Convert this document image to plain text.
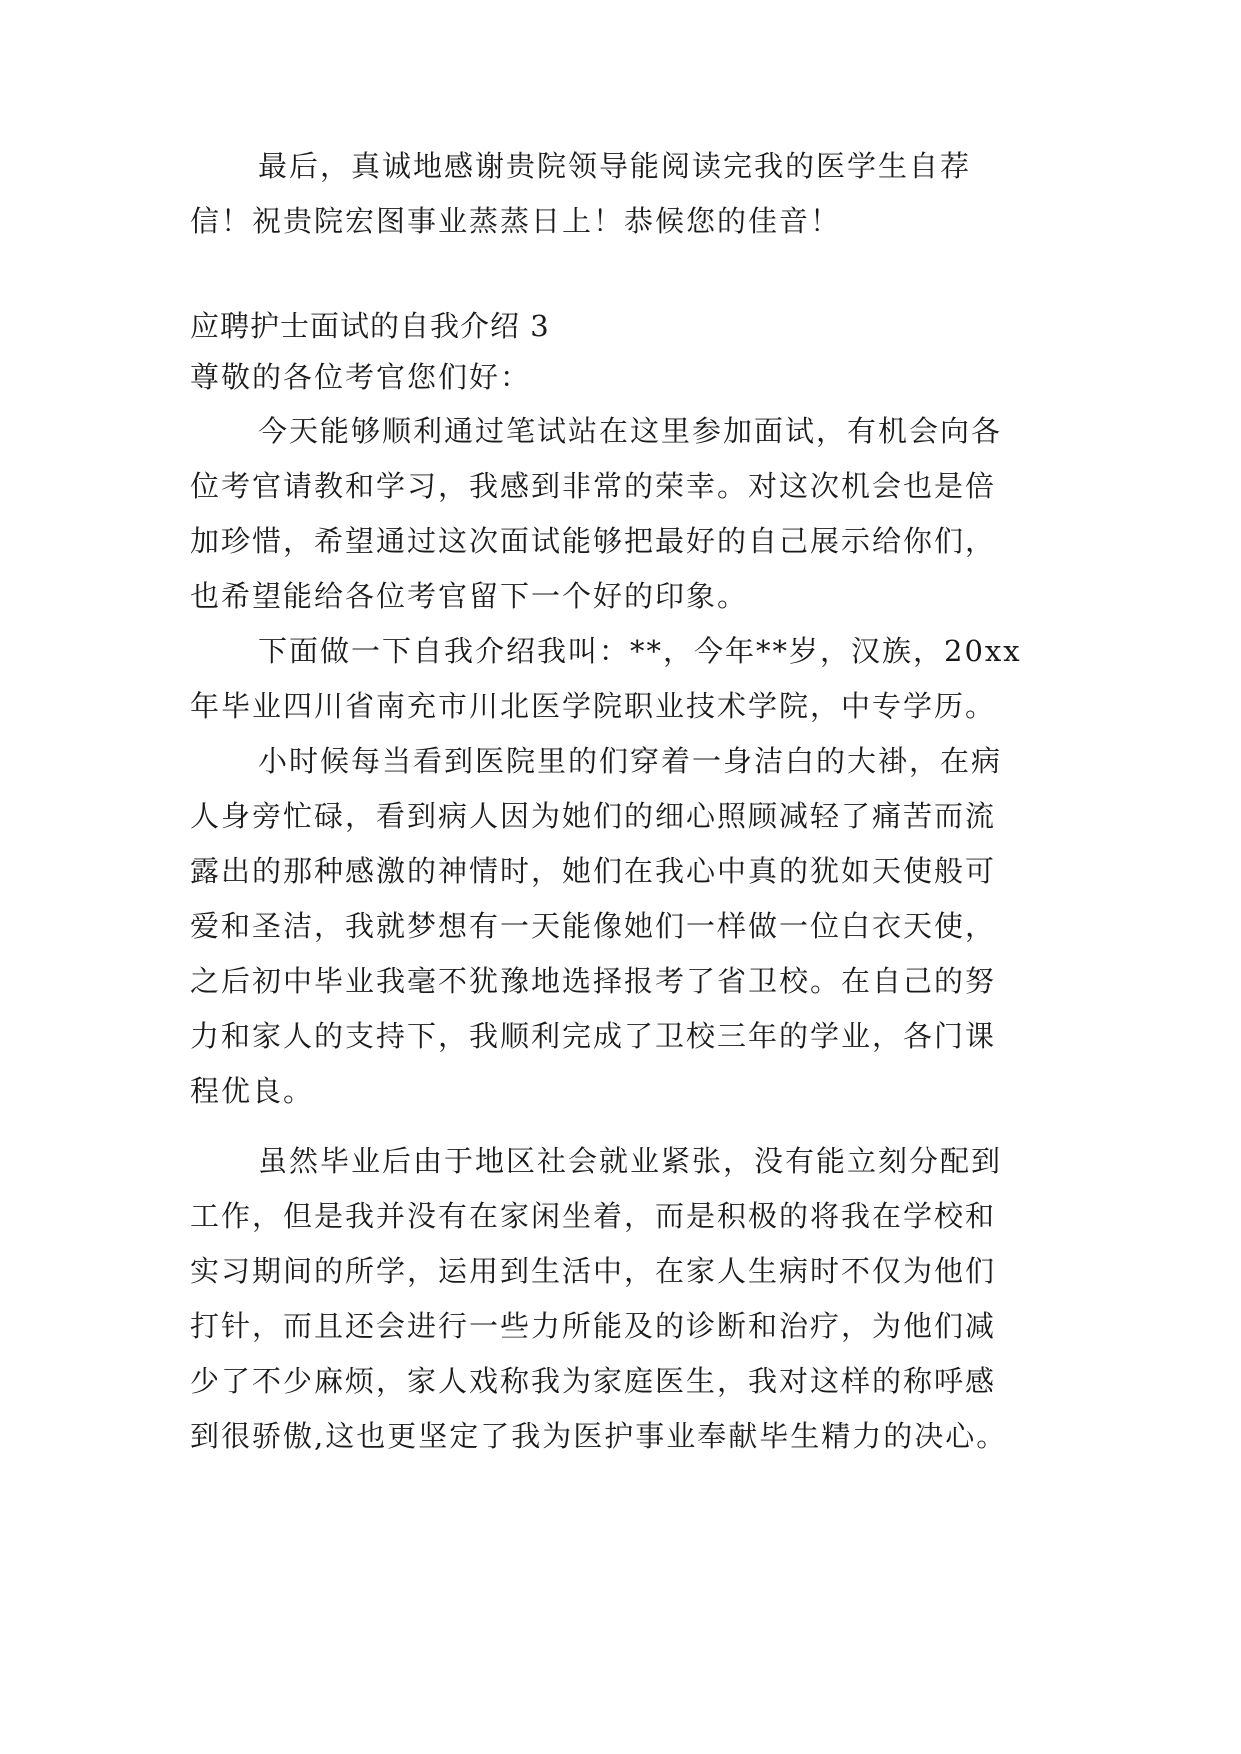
最后，真诚地感谢贵院领导能阅读完我的医学生自荐
信！祝贵院宏图事业蒸蒸日上！恭候您的佳音！
应聘护士面试的自我介绍 3
尊敬的各位考官您们好：
今天能够顺利通过笔试站在这里参加面试，有机会向各
位考官请教和学习，我感到非常的荣幸。对这次机会也是倍
加珍惜，希望通过这次面试能够把最好的自己展示给你们，
也希望能给各位考官留下一个好的印象。
下面做一下自我介绍我叫：**，今年**岁，汉族，20xx
年毕业四川省南充市川北医学院职业技术学院，中专学历。
小时候每当看到医院里的们穿着一身洁白的大褂，在病
人身旁忙碌，看到病人因为她们的细心照顾减轻了痛苦而流
露出的那种感激的神情时，她们在我心中真的犹如天使般可
爱和圣洁，我就梦想有一天能像她们一样做一位白衣天使，
之后初中毕业我毫不犹豫地选择报考了省卫校。在自己的努
力和家人的支持下，我顺利完成了卫校三年的学业，各门课
程优良。
虽然毕业后由于地区社会就业紧张，没有能立刻分配到
工作，但是我并没有在家闲坐着，而是积极的将我在学校和
实习期间的所学，运用到生活中，在家人生病时不仅为他们
打针，而且还会进行一些力所能及的诊断和治疗，为他们减
少了不少麻烦，家人戏称我为家庭医生，我对这样的称呼感
到很骄傲,这也更坚定了我为医护事业奉献毕生精力的决心。
